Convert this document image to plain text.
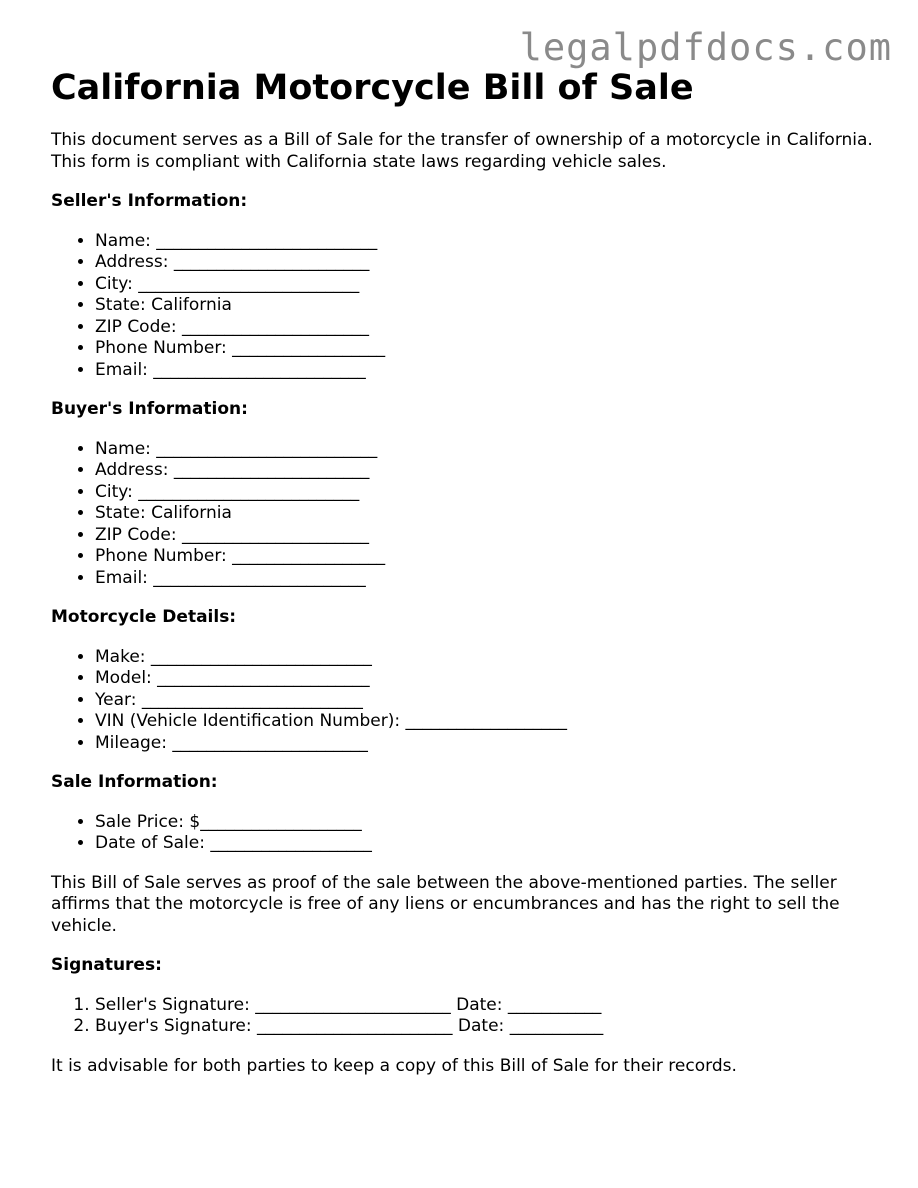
legalpdfdocs.com
California Motorcycle Bill of Sale

This document serves as a Bill of Sale for the transfer of ownership of a motorcycle in California. This form is compliant with California state laws regarding vehicle sales.

Seller's Information:
• Name: __________________________
• Address: _______________________
• City: __________________________
• State: California
• ZIP Code: ______________________
• Phone Number: __________________
• Email: _________________________
Buyer's Information:
• Name: __________________________
• Address: _______________________
• City: __________________________
• State: California
• ZIP Code: ______________________
• Phone Number: __________________
• Email: _________________________
Motorcycle Details:
• Make: __________________________
• Model: _________________________
• Year: __________________________
• VIN (Vehicle Identification Number): ___________________
• Mileage: _______________________
Sale Information:
• Sale Price: $___________________
• Date of Sale: ___________________

This Bill of Sale serves as proof of the sale between the above-mentioned parties. The seller affirms that the motorcycle is free of any liens or encumbrances and has the right to sell the vehicle.

Signatures:
1. Seller's Signature: _______________________ Date: ___________
2. Buyer's Signature: _______________________ Date: ___________

It is advisable for both parties to keep a copy of this Bill of Sale for their records.
